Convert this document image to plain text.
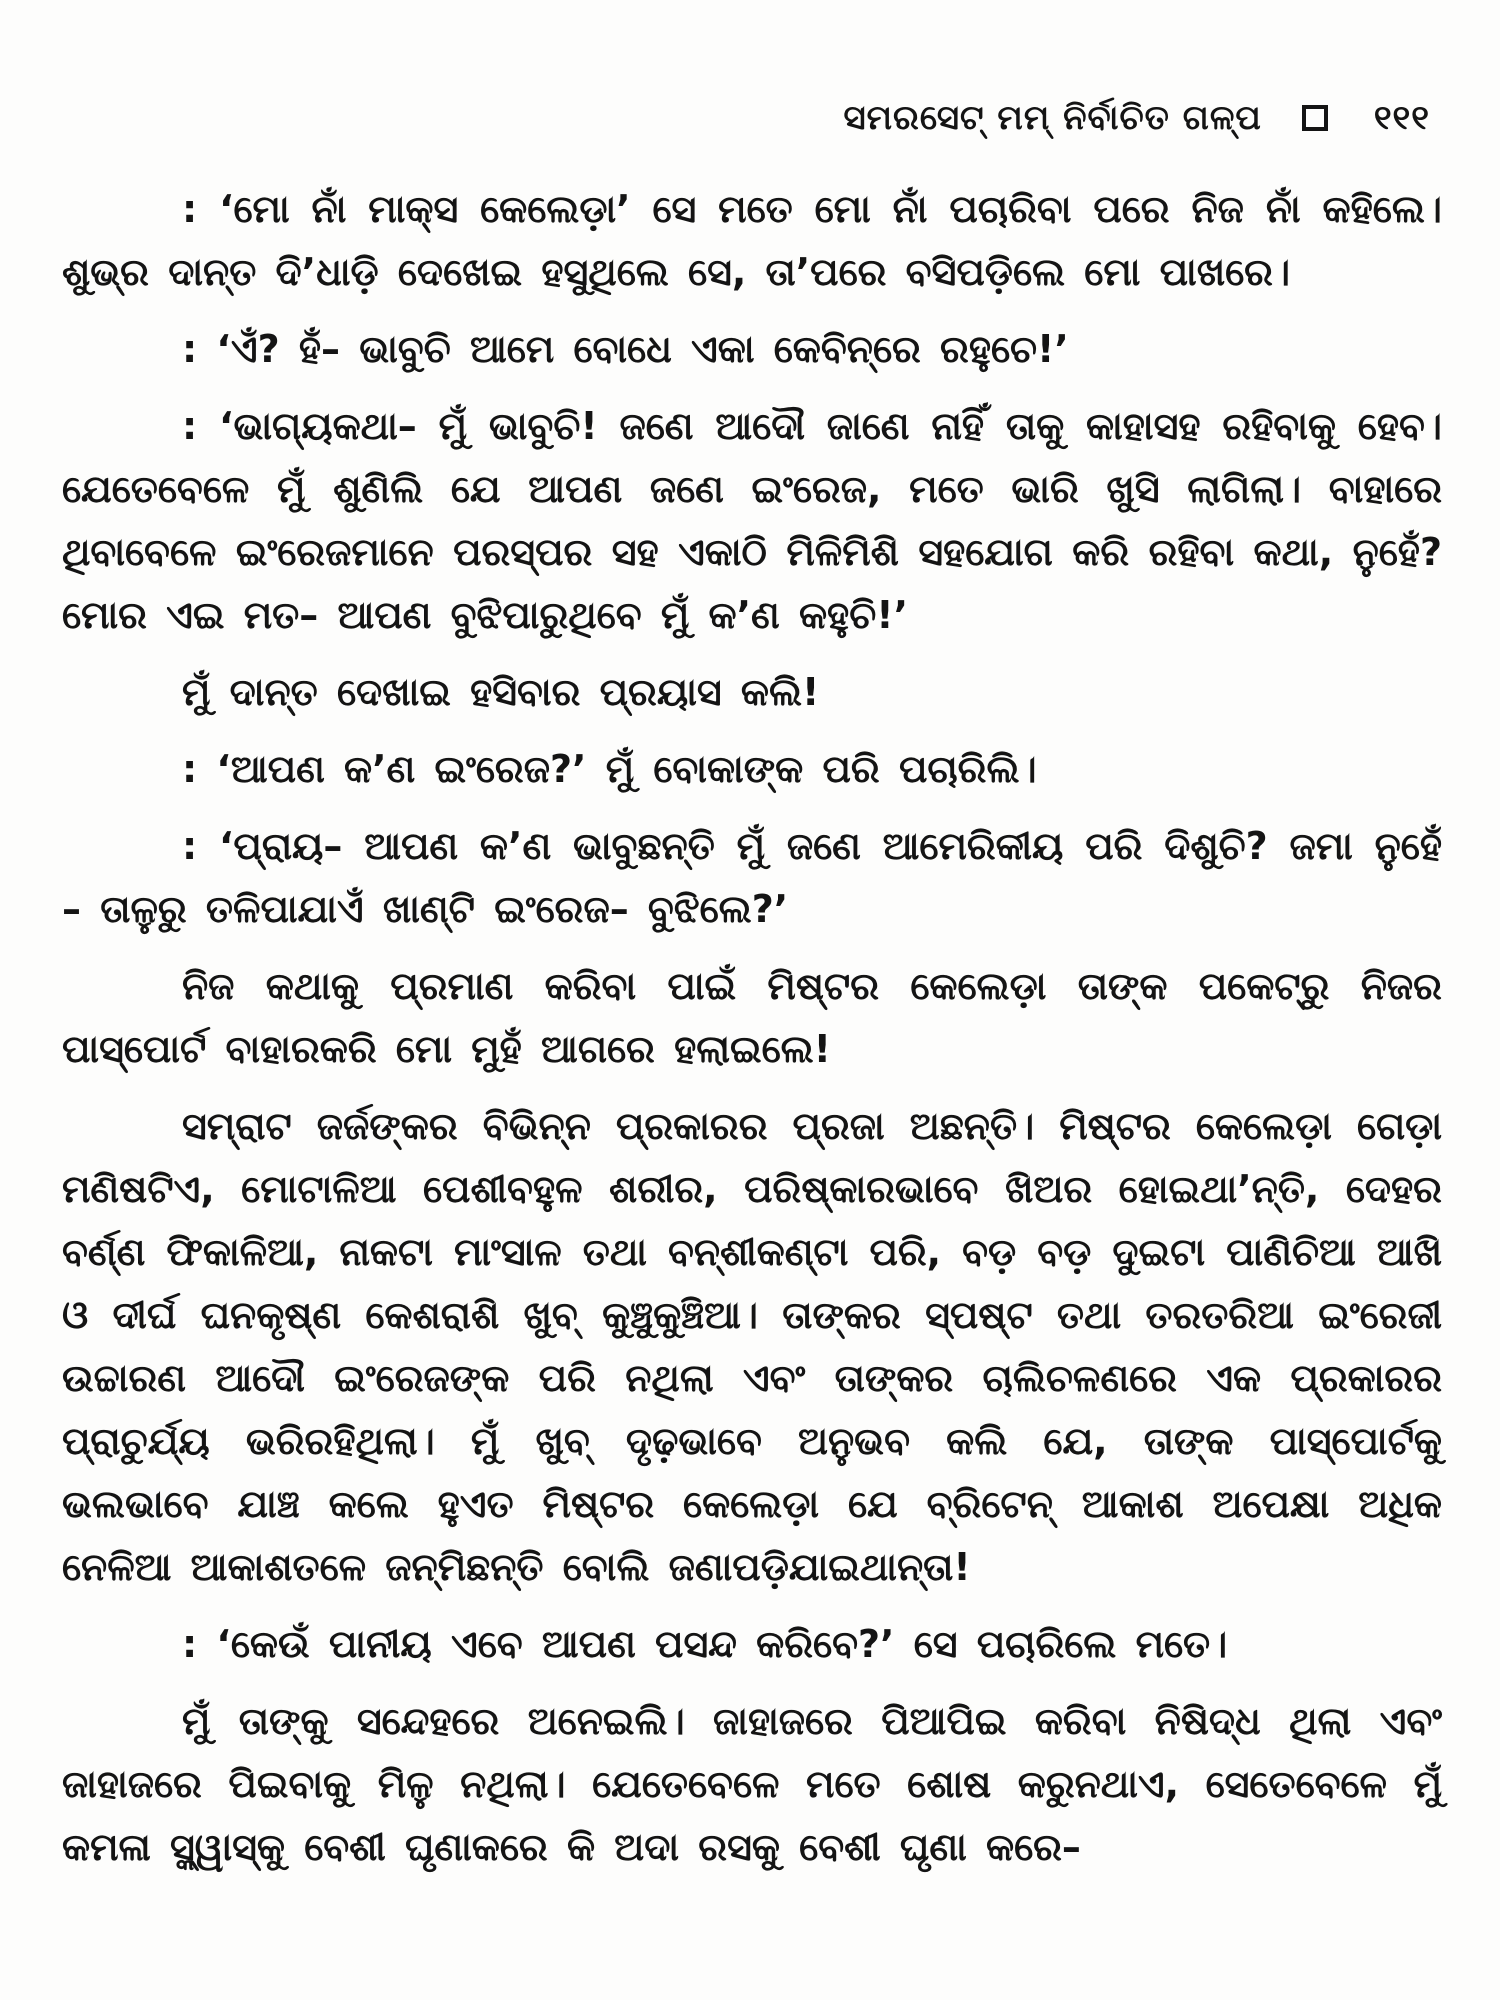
ସମରସେଟ୍ ମମ୍ ନିର୍ବାଚିତ ଗଳ୍ପ	୧୧୧

: ‘ମୋ ନାଁ ମାକ୍ସ କେଲେଡ଼ା’ ସେ ମତେ ମୋ ନାଁ ପଚାରିବା ପରେ ନିଜ ନାଁ କହିଲେ। ଶୁଭ୍ର ଦାନ୍ତ ଦି’ଧାଡ଼ି ଦେଖେଇ ହସୁଥିଲେ ସେ, ତା’ପରେ ବସିପଡ଼ିଲେ ମୋ ପାଖରେ।

: ‘ଏଁ? ହଁ– ଭାବୁଚି ଆମେ ବୋଧେ ଏକା କେବିନ୍‌ରେ ରହୁଚେ!’

: ‘ଭାଗ୍ୟକଥା– ମୁଁ ଭାବୁଚି! ଜଣେ ଆଦୌ ଜାଣେ ନାହିଁ ତାକୁ କାହାସହ ରହିବାକୁ ହେବ। ଯେତେବେଳେ ମୁଁ ଶୁଣିଲି ଯେ ଆପଣ ଜଣେ ଇଂରେଜ, ମତେ ଭାରି ଖୁସି ଲାଗିଲା। ବାହାରେ ଥିବାବେଳେ ଇଂରେଜମାନେ ପରସ୍ପର ସହ ଏକାଠି ମିଳିମିଶି ସହଯୋଗ କରି ରହିବା କଥା, ନୁହେଁ? ମୋର ଏଇ ମତ– ଆପଣ ବୁଝିପାରୁଥିବେ ମୁଁ କ’ଣ କହୁଚି!’

ମୁଁ ଦାନ୍ତ ଦେଖାଇ ହସିବାର ପ୍ରୟାସ କଲି!

: ‘ଆପଣ କ’ଣ ଇଂରେଜ?’ ମୁଁ ବୋକାଙ୍କ ପରି ପଚାରିଲି।

: ‘ପ୍ରାୟ– ଆପଣ କ’ଣ ଭାବୁଛନ୍ତି ମୁଁ ଜଣେ ଆମେରିକୀୟ ପରି ଦିଶୁଚି? ଜମା ନୁହେଁ – ତାଳୁରୁ ତଳିପାଯାଏଁ ଖାଣ୍ଟି ଇଂରେଜ– ବୁଝିଲେ?’

ନିଜ କଥାକୁ ପ୍ରମାଣ କରିବା ପାଇଁ ମିଷ୍ଟର କେଲେଡ଼ା ତାଙ୍କ ପକେଟ୍‌ରୁ ନିଜର ପାସ୍‌ପୋର୍ଟ ବାହାରକରି ମୋ ମୁହଁ ଆଗରେ ହଲାଇଲେ!

ସମ୍ରାଟ ଜର୍ଜଙ୍କର ବିଭିନ୍ନ ପ୍ରକାରର ପ୍ରଜା ଅଛନ୍ତି। ମିଷ୍ଟର କେଲେଡ଼ା ଗେଡ଼ା ମଣିଷଟିଏ, ମୋଟାଳିଆ ପେଶୀବହୁଳ ଶରୀର, ପରିଷ୍କାରଭାବେ ଖିଅର ହୋଇଥା’ନ୍ତି, ଦେହର ବର୍ଣ୍ଣ ଫିକାଳିଆ, ନାକଟା ମାଂସାଳ ତଥା ବନ୍‌ଶୀକଣ୍ଟା ପରି, ବଡ଼ ବଡ଼ ଦୁଇଟା ପାଣିଚିଆ ଆଖି ଓ ଦୀର୍ଘ ଘନକୃଷ୍ଣ କେଶରାଶି ଖୁବ୍ କୁଞ୍ଚୁକୁଞ୍ଚିଆ। ତାଙ୍କର ସ୍ପଷ୍ଟ ତଥା ତରତରିଆ ଇଂରେଜୀ ଉଚ୍ଚାରଣ ଆଦୌ ଇଂରେଜଙ୍କ ପରି ନଥିଲା ଏବଂ ତାଙ୍କର ଚାଲିଚଳଣରେ ଏକ ପ୍ରକାରର ପ୍ରାଚୁର୍ଯ୍ୟ ଭରିରହିଥିଲା। ମୁଁ ଖୁବ୍ ଦୃଢ଼ଭାବେ ଅନୁଭବ କଲି ଯେ, ତାଙ୍କ ପାସ୍‌ପୋର୍ଟକୁ ଭଲଭାବେ ଯାଞ୍ଚ କଲେ ହୁଏତ ମିଷ୍ଟର କେଲେଡ଼ା ଯେ ବ୍ରିଟେନ୍ ଆକାଶ ଅପେକ୍ଷା ଅଧିକ ନେଳିଆ ଆକାଶତଳେ ଜନ୍ମିଛନ୍ତି ବୋଲି ଜଣାପଡ଼ିଯାଇଥାନ୍ତା!

: ‘କେଉଁ ପାନୀୟ ଏବେ ଆପଣ ପସନ୍ଦ କରିବେ?’ ସେ ପଚାରିଲେ ମତେ।

ମୁଁ ତାଙ୍କୁ ସନ୍ଦେହରେ ଅନେଇଲି। ଜାହାଜରେ ପିଆପିଇ କରିବା ନିଷିଦ୍ଧ ଥିଲା ଏବଂ ଜାହାଜରେ ପିଇବାକୁ ମିଳୁ ନଥିଲା। ଯେତେବେଳେ ମତେ ଶୋଷ କରୁନଥାଏ, ସେତେବେଳେ ମୁଁ କମଳା ସ୍କ୍ୱାସ୍‌କୁ ବେଶୀ ଘୃଣାକରେ କି ଅଦା ରସକୁ ବେଶୀ ଘୃଣା କରେ–
